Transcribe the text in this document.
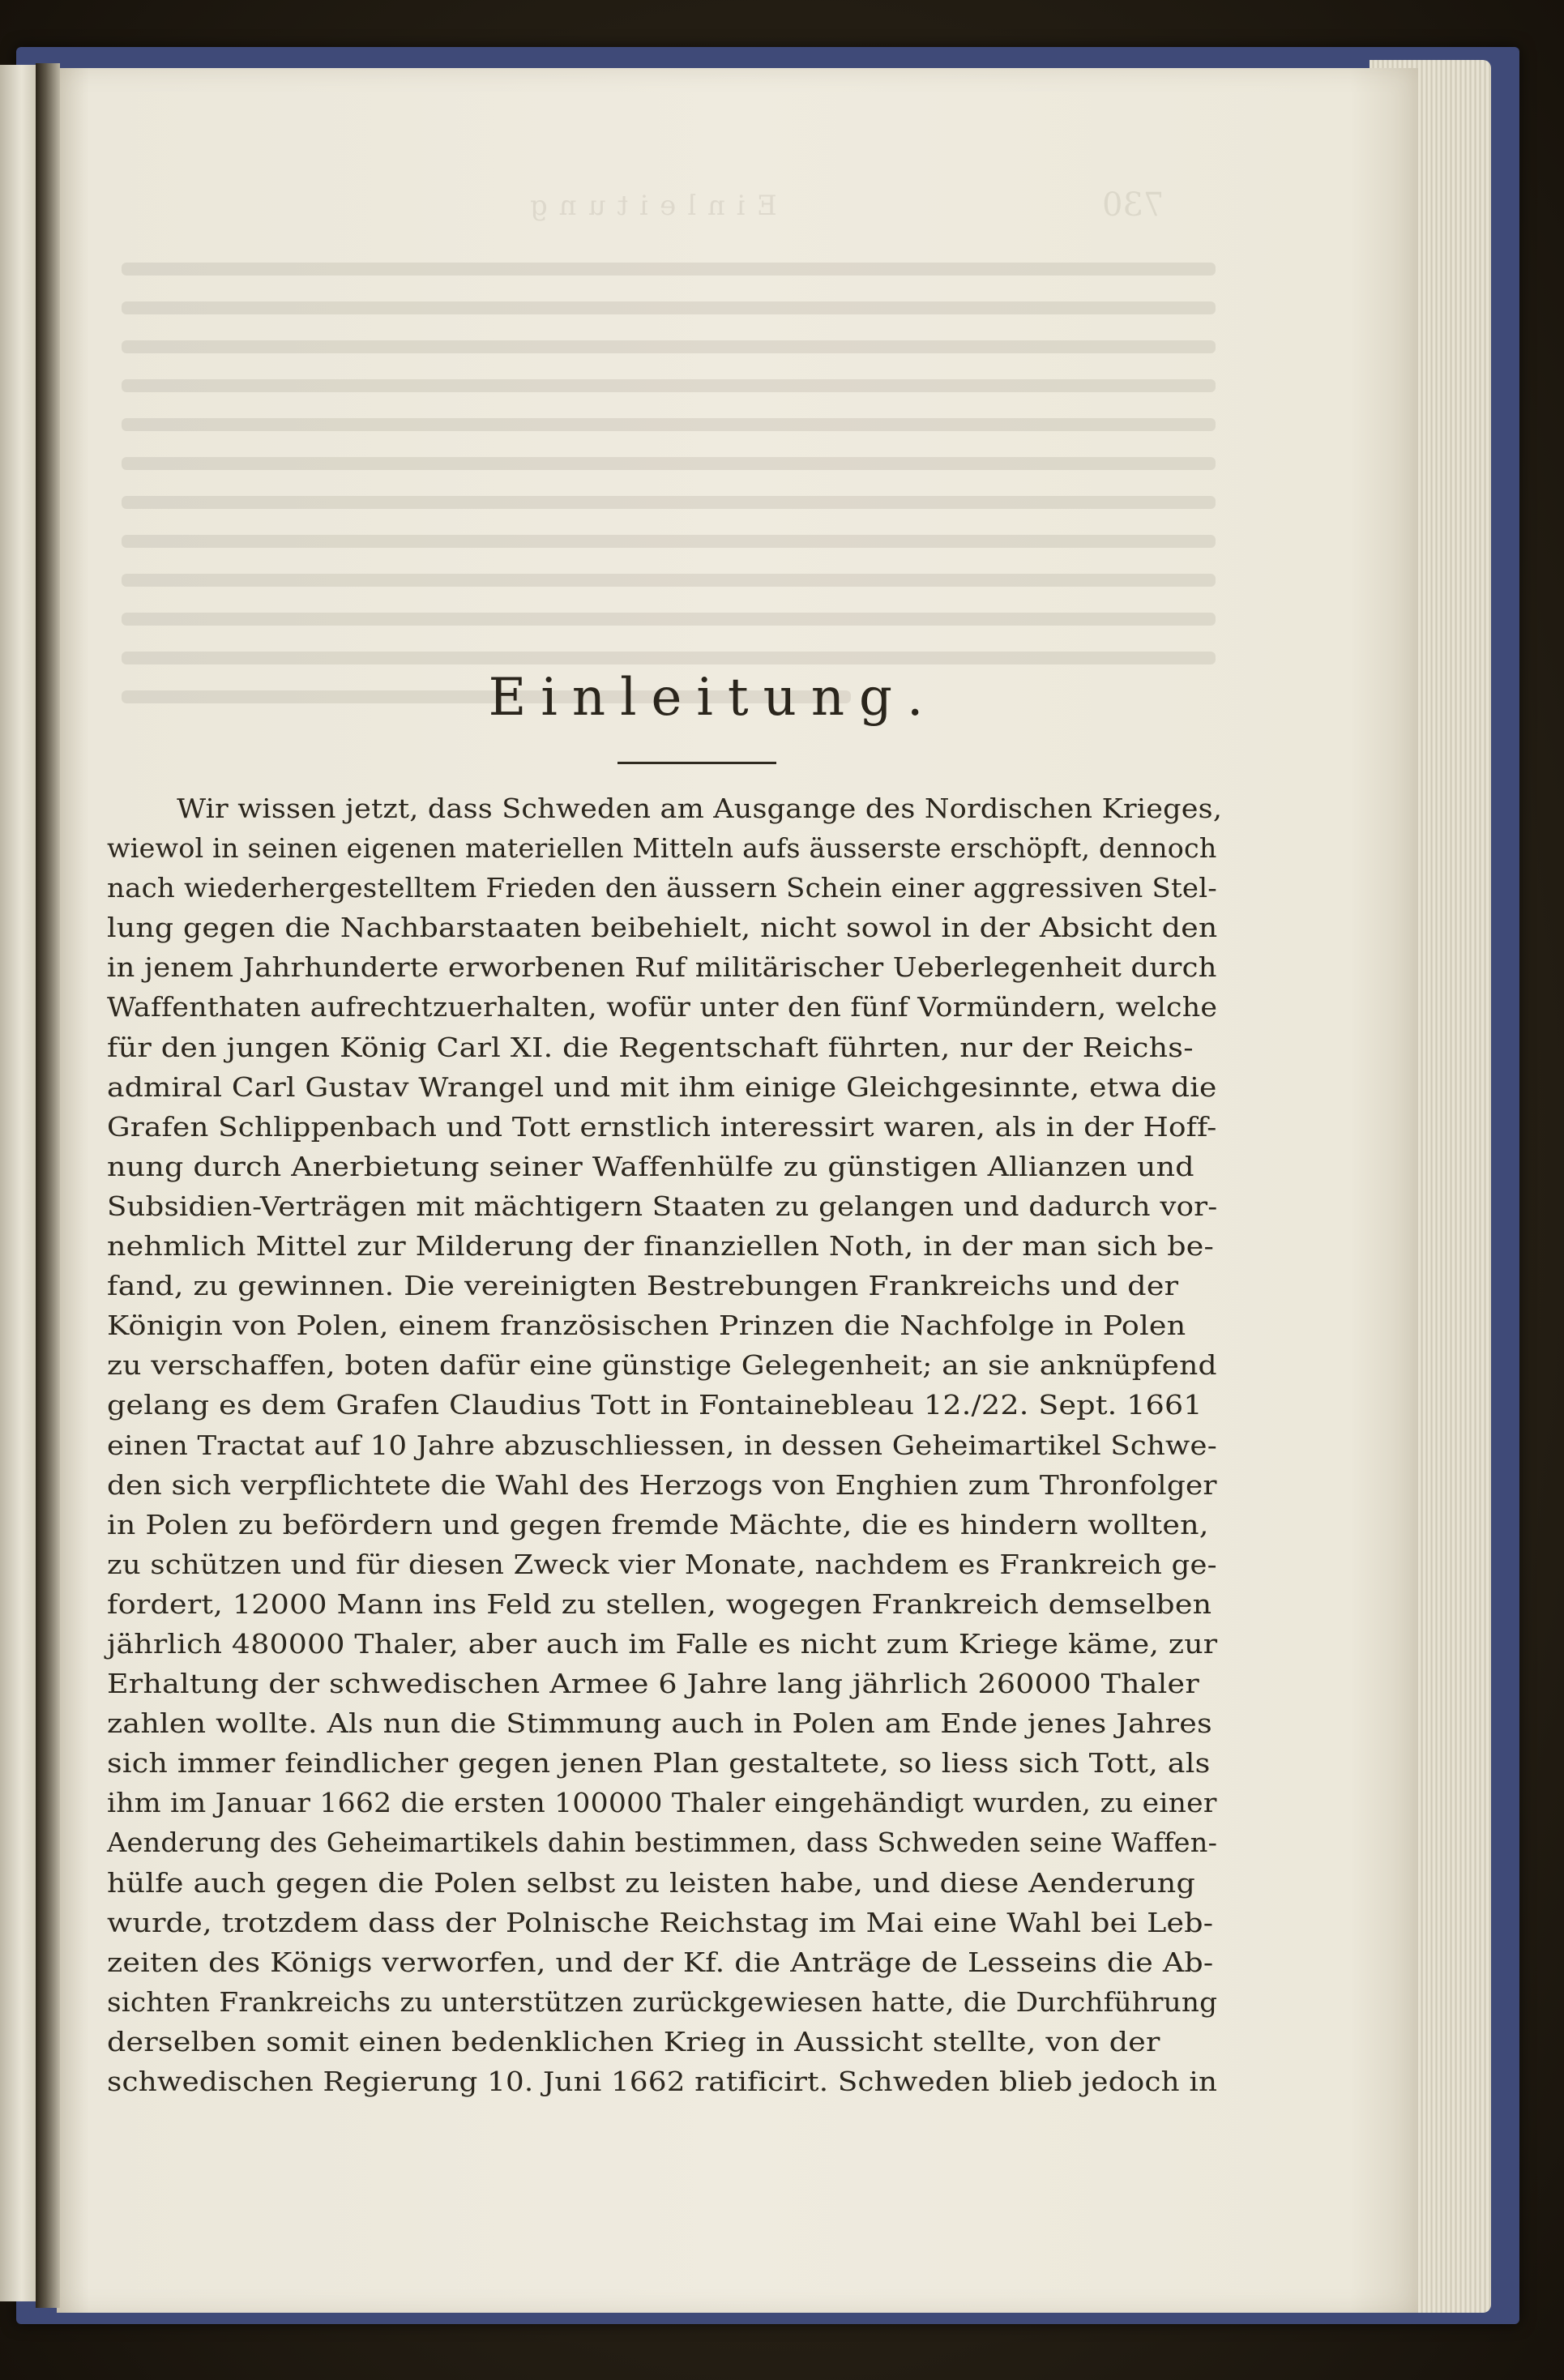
Einleitung	730
Einleitung.
Wir wissen jetzt, dass Schweden am Ausgange des Nordischen Krieges,
wiewol in seinen eigenen materiellen Mitteln aufs äusserste erschöpft, dennoch
nach wiederhergestelltem Frieden den äussern Schein einer aggressiven Stel-
lung gegen die Nachbarstaaten beibehielt, nicht sowol in der Absicht den
in jenem Jahrhunderte erworbenen Ruf militärischer Ueberlegenheit durch
Waffenthaten aufrechtzuerhalten, wofür unter den fünf Vormündern, welche
für den jungen König Carl XI. die Regentschaft führten, nur der Reichs-
admiral Carl Gustav Wrangel und mit ihm einige Gleichgesinnte, etwa die
Grafen Schlippenbach und Tott ernstlich interessirt waren, als in der Hoff-
nung durch Anerbietung seiner Waffenhülfe zu günstigen Allianzen und
Subsidien-Verträgen mit mächtigern Staaten zu gelangen und dadurch vor-
nehmlich Mittel zur Milderung der finanziellen Noth, in der man sich be-
fand, zu gewinnen. Die vereinigten Bestrebungen Frankreichs und der
Königin von Polen, einem französischen Prinzen die Nachfolge in Polen
zu verschaffen, boten dafür eine günstige Gelegenheit; an sie anknüpfend
gelang es dem Grafen Claudius Tott in Fontainebleau 12./22. Sept. 1661
einen Tractat auf 10 Jahre abzuschliessen, in dessen Geheimartikel Schwe-
den sich verpflichtete die Wahl des Herzogs von Enghien zum Thronfolger
in Polen zu befördern und gegen fremde Mächte, die es hindern wollten,
zu schützen und für diesen Zweck vier Monate, nachdem es Frankreich ge-
fordert, 12000 Mann ins Feld zu stellen, wogegen Frankreich demselben
jährlich 480000 Thaler, aber auch im Falle es nicht zum Kriege käme, zur
Erhaltung der schwedischen Armee 6 Jahre lang jährlich 260000 Thaler
zahlen wollte. Als nun die Stimmung auch in Polen am Ende jenes Jahres
sich immer feindlicher gegen jenen Plan gestaltete, so liess sich Tott, als
ihm im Januar 1662 die ersten 100000 Thaler eingehändigt wurden, zu einer
Aenderung des Geheimartikels dahin bestimmen, dass Schweden seine Waffen-
hülfe auch gegen die Polen selbst zu leisten habe, und diese Aenderung
wurde, trotzdem dass der Polnische Reichstag im Mai eine Wahl bei Leb-
zeiten des Königs verworfen, und der Kf. die Anträge de Lesseins die Ab-
sichten Frankreichs zu unterstützen zurückgewiesen hatte, die Durchführung
derselben somit einen bedenklichen Krieg in Aussicht stellte, von der
schwedischen Regierung 10. Juni 1662 ratificirt. Schweden blieb jedoch in
